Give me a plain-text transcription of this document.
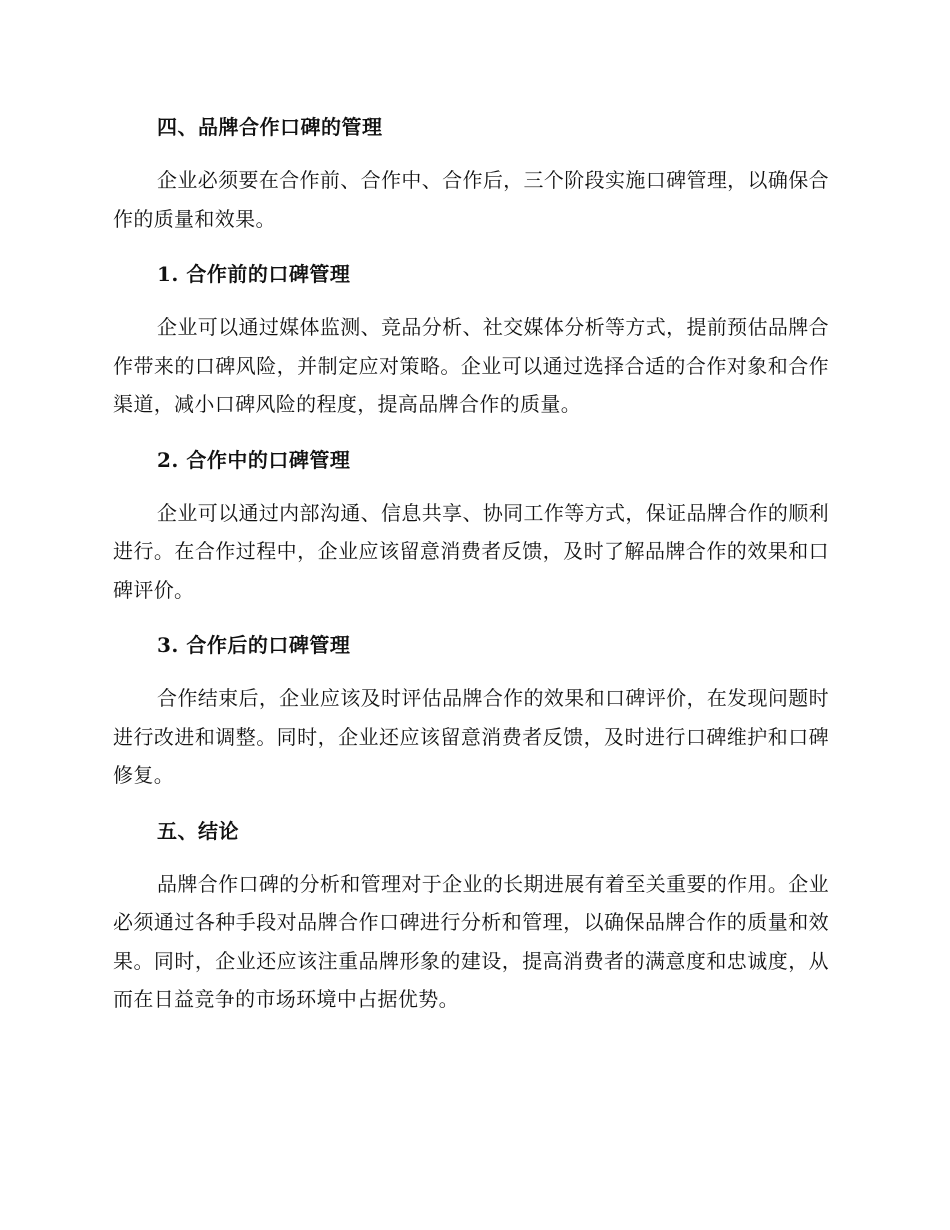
四、品牌合作口碑的管理

企业必须要在合作前、合作中、合作后，三个阶段实施口碑管理，以确保合作的质量和效果。

1. 合作前的口碑管理

企业可以通过媒体监测、竞品分析、社交媒体分析等方式，提前预估品牌合作带来的口碑风险，并制定应对策略。企业可以通过选择合适的合作对象和合作渠道，减小口碑风险的程度，提高品牌合作的质量。

2. 合作中的口碑管理

企业可以通过内部沟通、信息共享、协同工作等方式，保证品牌合作的顺利进行。在合作过程中，企业应该留意消费者反馈，及时了解品牌合作的效果和口碑评价。

3. 合作后的口碑管理

合作结束后，企业应该及时评估品牌合作的效果和口碑评价，在发现问题时进行改进和调整。同时，企业还应该留意消费者反馈，及时进行口碑维护和口碑修复。

五、结论

品牌合作口碑的分析和管理对于企业的长期进展有着至关重要的作用。企业必须通过各种手段对品牌合作口碑进行分析和管理，以确保品牌合作的质量和效果。同时，企业还应该注重品牌形象的建设，提高消费者的满意度和忠诚度，从而在日益竞争的市场环境中占据优势。
